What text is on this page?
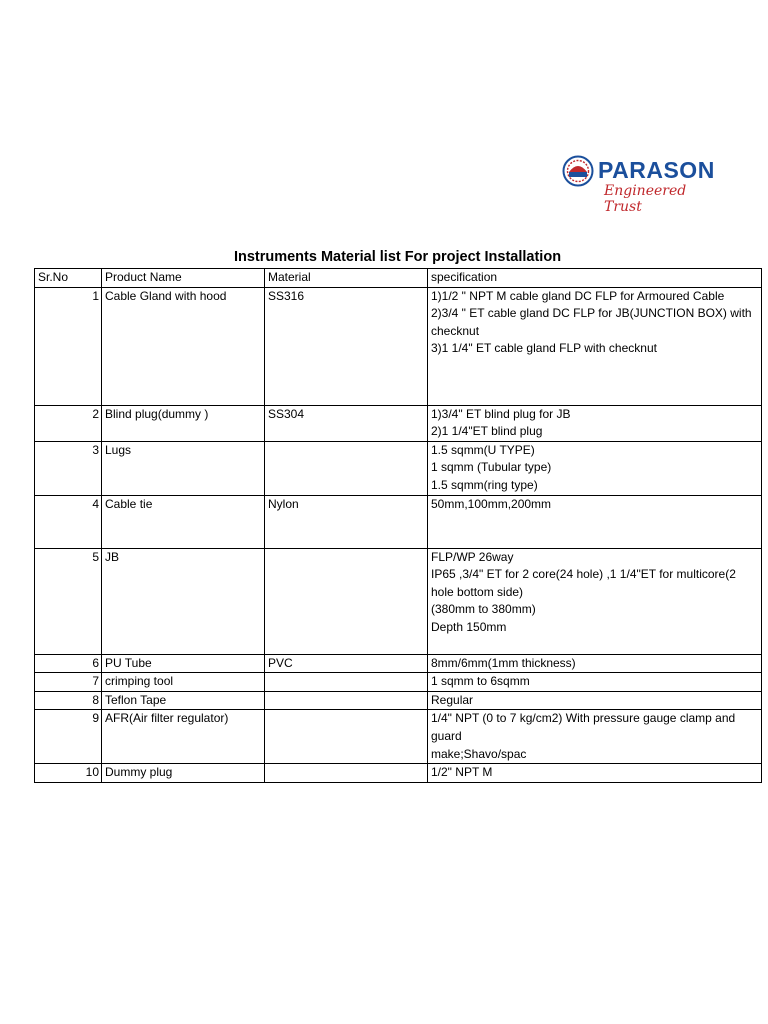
PARASON
Engineered Trust
Instruments Material list For project Installation
Sr.No	Product Name	Material	specification
1	Cable Gland with hood	SS316	1)1/2 " NPT M cable gland DC FLP for Armoured Cable
2)3/4 " ET cable gland DC FLP for JB(JUNCTION BOX) with checknut
3)1 1/4" ET cable gland FLP with checknut

2	Blind plug(dummy )	SS304	1)3/4" ET blind plug for JB
2)1 1/4"ET blind plug

3	Lugs		1.5 sqmm(U TYPE)
1 sqmm (Tubular type)
1.5 sqmm(ring type)

4	Cable tie	Nylon	50mm,100mm,200mm

5	JB		FLP/WP 26way
IP65 ,3/4" ET for 2 core(24 hole) ,1 1/4"ET for multicore(2 hole bottom side)
(380mm to 380mm)
Depth 150mm

6	PU Tube	PVC	8mm/6mm(1mm thickness)

7	crimping tool		1 sqmm to 6sqmm

8	Teflon Tape		Regular

9	AFR(Air filter regulator)		1/4" NPT (0 to 7 kg/cm2) With pressure gauge clamp and guard
make;Shavo/spac

10	Dummy plug		1/2" NPT M
